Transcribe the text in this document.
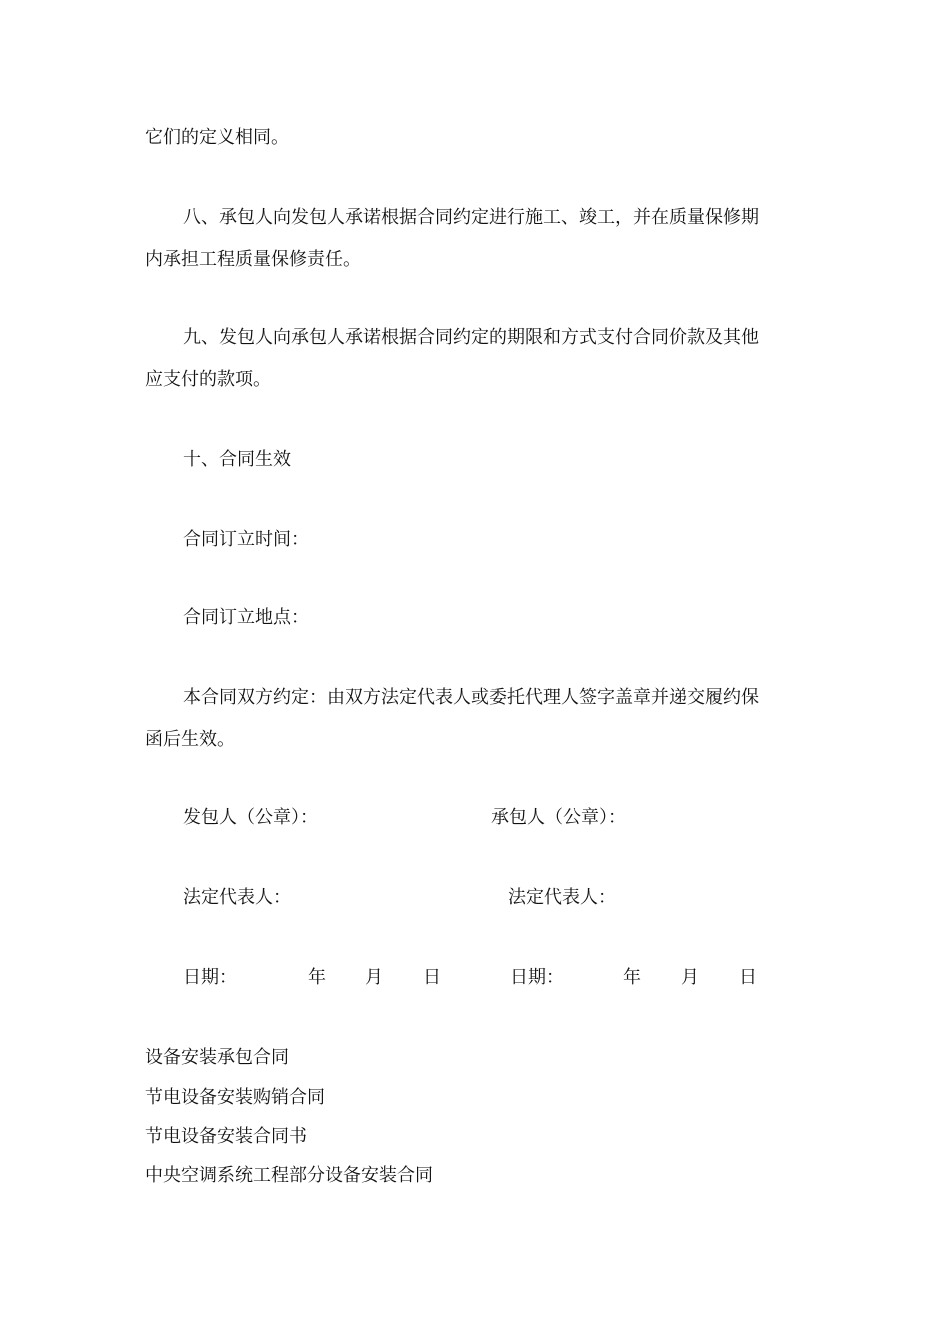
它们的定义相同。
八、承包人向发包人承诺根据合同约定进行施工、竣工，并在质量保修期
内承担工程质量保修责任。
九、发包人向承包人承诺根据合同约定的期限和方式支付合同价款及其他
应支付的款项。
十、合同生效
合同订立时间：
合同订立地点：
本合同双方约定：由双方法定代表人或委托代理人签字盖章并递交履约保
函后生效。
发包人（公章）：
法定代表人：
日期：	年 月 日
承包人（公章）：
法定代表人：
日期：	年 月 日
设备安装承包合同
节电设备安装购销合同
节电设备安装合同书
中央空调系统工程部分设备安装合同
